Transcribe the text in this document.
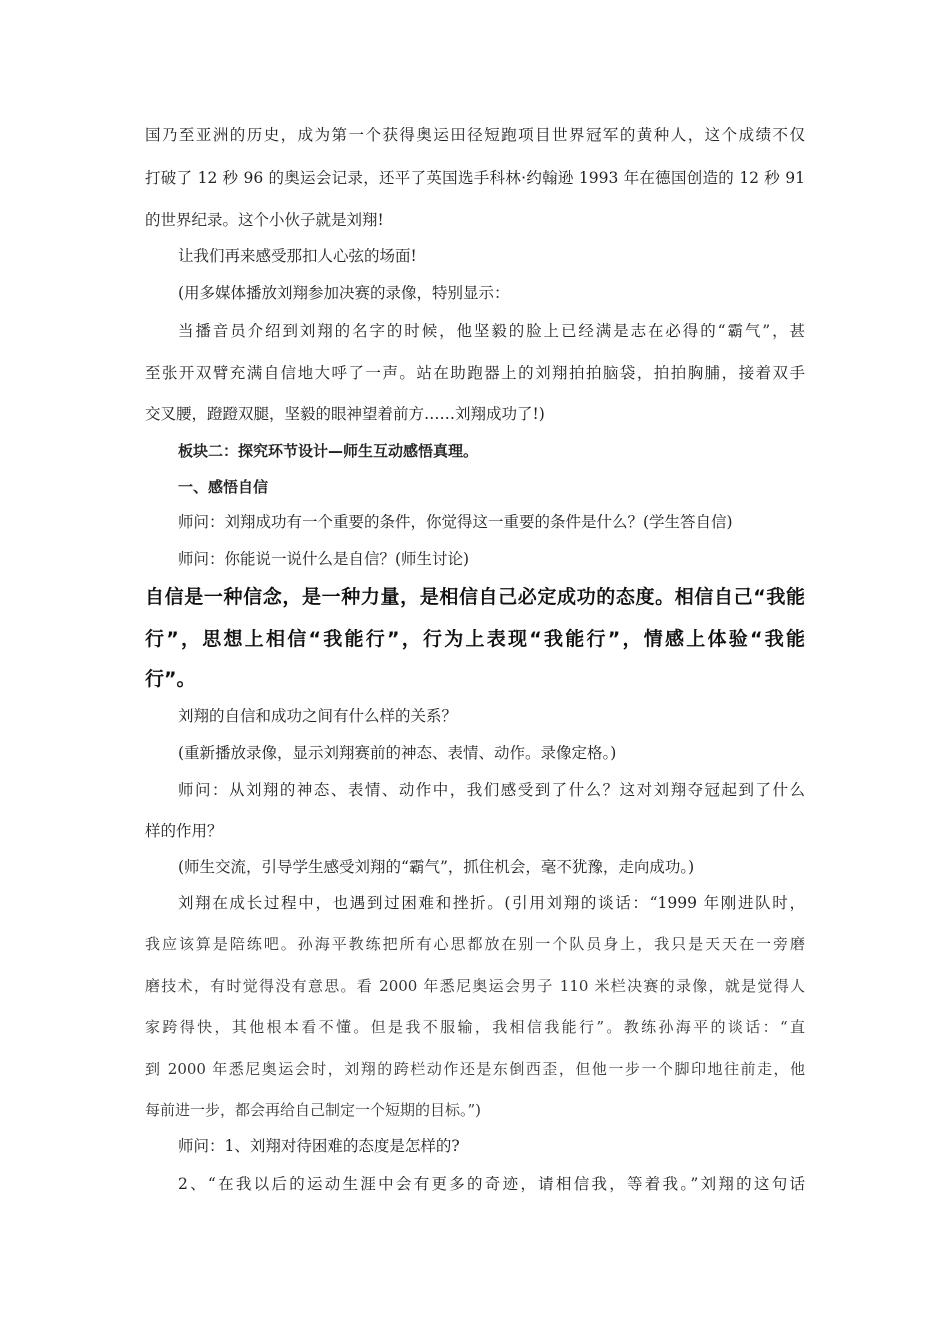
国乃至亚洲的历史，成为第一个获得奥运田径短跑项目世界冠军的黄种人，这个成绩不仅
打破了 12 秒 96 的奥运会记录，还平了英国选手科林·约翰逊 1993 年在德国创造的 12 秒 91
的世界纪录。这个小伙子就是刘翔!
让我们再来感受那扣人心弦的场面!
(用多媒体播放刘翔参加决赛的录像，特别显示：
当播音员介绍到刘翔的名字的时候，他坚毅的脸上已经满是志在必得的“霸气”，甚
至张开双臂充满自信地大呼了一声。站在助跑器上的刘翔拍拍脑袋，拍拍胸脯，接着双手
交叉腰，蹬蹬双腿，坚毅的眼神望着前方……刘翔成功了!)
板块二：探究环节设计—师生互动感悟真理。
一、感悟自信
师问：刘翔成功有一个重要的条件，你觉得这一重要的条件是什么？(学生答自信)
师问：你能说一说什么是自信？(师生讨论)
自信是一种信念，是一种力量，是相信自己必定成功的态度。相信自己“我能
行”，思想上相信“我能行”，行为上表现“我能行”，情感上体验“我能
行”。
刘翔的自信和成功之间有什么样的关系？
(重新播放录像，显示刘翔赛前的神态、表情、动作。录像定格。)
师问：从刘翔的神态、表情、动作中，我们感受到了什么？这对刘翔夺冠起到了什么
样的作用？
(师生交流，引导学生感受刘翔的“霸气”，抓住机会，毫不犹豫，走向成功。)
刘翔在成长过程中，也遇到过困难和挫折。(引用刘翔的谈话：“1999 年刚进队时，
我应该算是陪练吧。孙海平教练把所有心思都放在别一个队员身上，我只是天天在一旁磨
磨技术，有时觉得没有意思。看 2000 年悉尼奥运会男子 110 米栏决赛的录像，就是觉得人
家跨得快，其他根本看不懂。但是我不服输，我相信我能行”。教练孙海平的谈话：“直
到 2000 年悉尼奥运会时，刘翔的跨栏动作还是东倒西歪，但他一步一个脚印地往前走，他
每前进一步，都会再给自己制定一个短期的目标。”)
师问：1、刘翔对待困难的态度是怎样的?
2、“在我以后的运动生涯中会有更多的奇迹，请相信我，等着我。”刘翔的这句话
